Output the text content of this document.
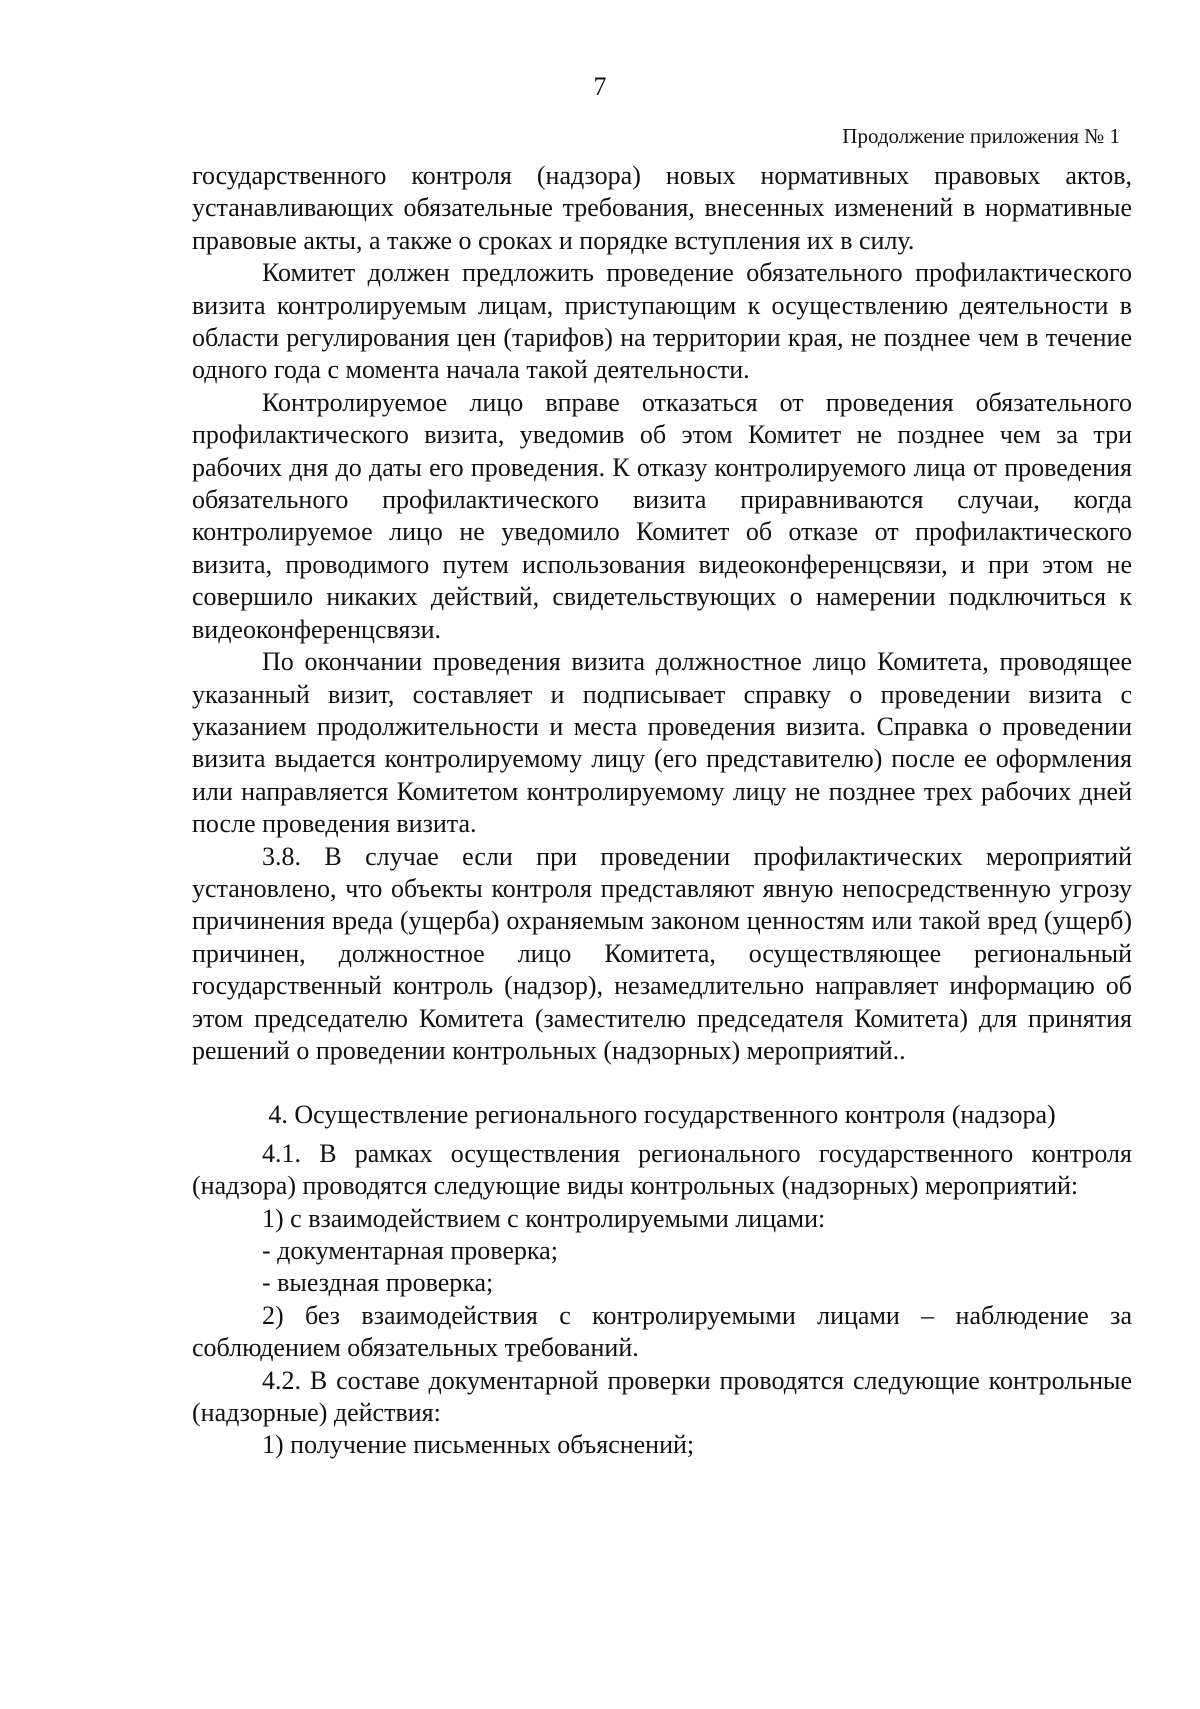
7
Продолжение приложения № 1

государственного контроля (надзора) новых нормативных правовых актов, устанавливающих обязательные требования, внесенных изменений в нормативные правовые акты, а также о сроках и порядке вступления их в силу.

Комитет должен предложить проведение обязательного профилактического визита контролируемым лицам, приступающим к осуществлению деятельности в области регулирования цен (тарифов) на территории края, не позднее чем в течение одного года с момента начала такой деятельности.

Контролируемое лицо вправе отказаться от проведения обязательного профилактического визита, уведомив об этом Комитет не позднее чем за три рабочих дня до даты его проведения. К отказу контролируемого лица от проведения обязательного профилактического визита приравниваются случаи, когда контролируемое лицо не уведомило Комитет об отказе от профилактического визита, проводимого путем использования видеоконференцсвязи, и при этом не совершило никаких действий, свидетельствующих о намерении подключиться к видеоконференцсвязи.

По окончании проведения визита должностное лицо Комитета, проводящее указанный визит, составляет и подписывает справку о проведении визита с указанием продолжительности и места проведения визита. Справка о проведении визита выдается контролируемому лицу (его представителю) после ее оформления или направляется Комитетом контролируемому лицу не позднее трех рабочих дней после проведения визита.

3.8. В случае если при проведении профилактических мероприятий установлено, что объекты контроля представляют явную непосредственную угрозу причинения вреда (ущерба) охраняемым законом ценностям или такой вред (ущерб) причинен, должностное лицо Комитета, осуществляющее региональный государственный контроль (надзор), незамедлительно направляет информацию об этом председателю Комитета (заместителю председателя Комитета) для принятия решений о проведении контрольных (надзорных) мероприятий..

4. Осуществление регионального государственного контроля (надзора)

4.1. В рамках осуществления регионального государственного контроля (надзора) проводятся следующие виды контрольных (надзорных) мероприятий:

1) с взаимодействием с контролируемыми лицами:

- документарная проверка;

- выездная проверка;

2) без взаимодействия с контролируемыми лицами – наблюдение за соблюдением обязательных требований.

4.2. В составе документарной проверки проводятся следующие контрольные (надзорные) действия:

1) получение письменных объяснений;
